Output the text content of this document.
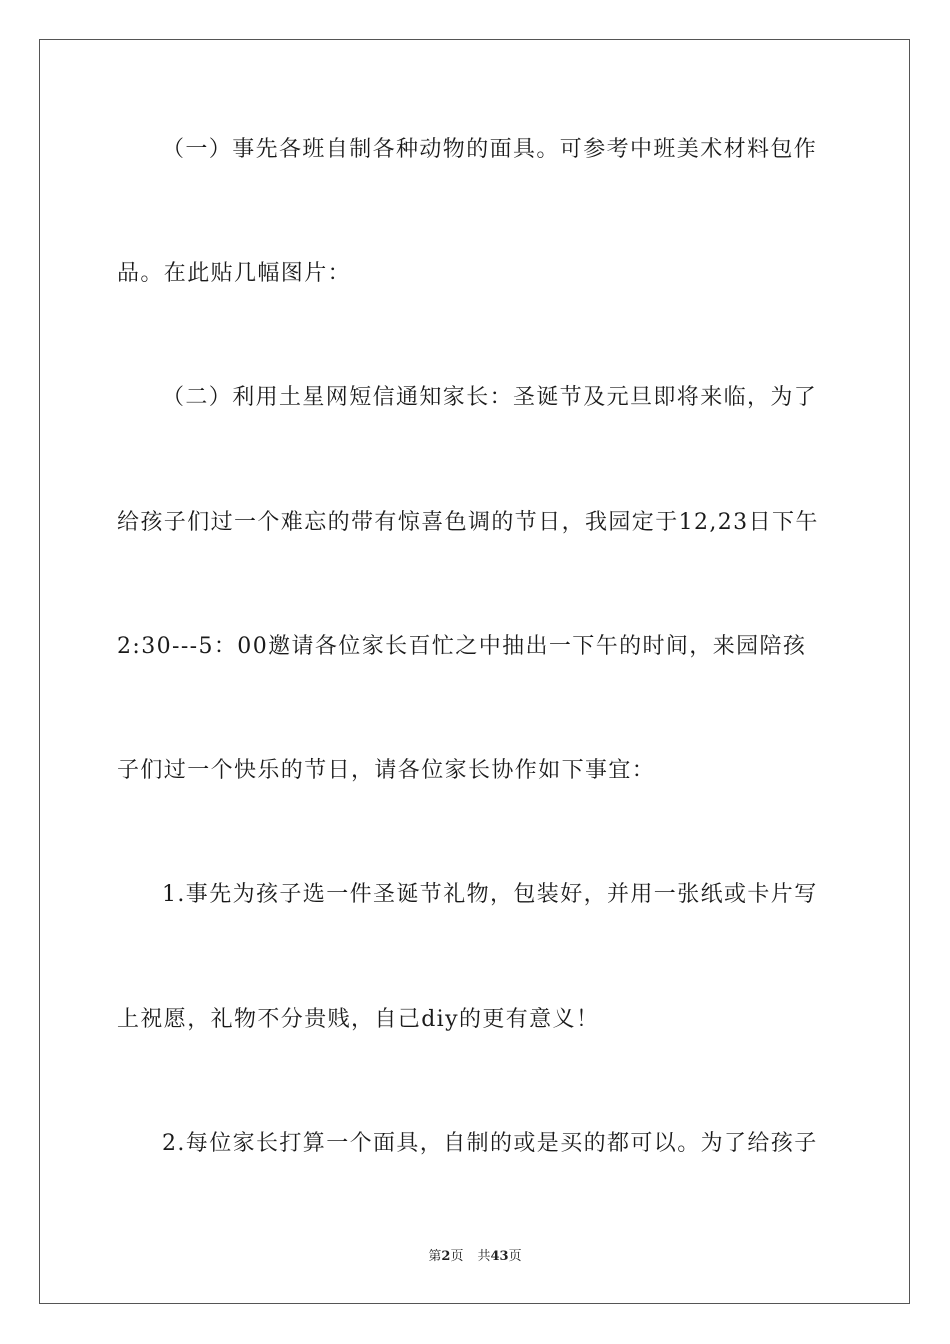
（一）事先各班自制各种动物的面具。可参考中班美术材料包作
品。在此贴几幅图片：
（二）利用土星网短信通知家长：圣诞节及元旦即将来临，为了
给孩子们过一个难忘的带有惊喜色调的节日，我园定于12,23日下午
2:30---5：00邀请各位家长百忙之中抽出一下午的时间，来园陪孩
子们过一个快乐的节日，请各位家长协作如下事宜：
1.事先为孩子选一件圣诞节礼物，包装好，并用一张纸或卡片写
上祝愿，礼物不分贵贱，自己diy的更有意义！
2.每位家长打算一个面具，自制的或是买的都可以。为了给孩子
第2页 共43页
